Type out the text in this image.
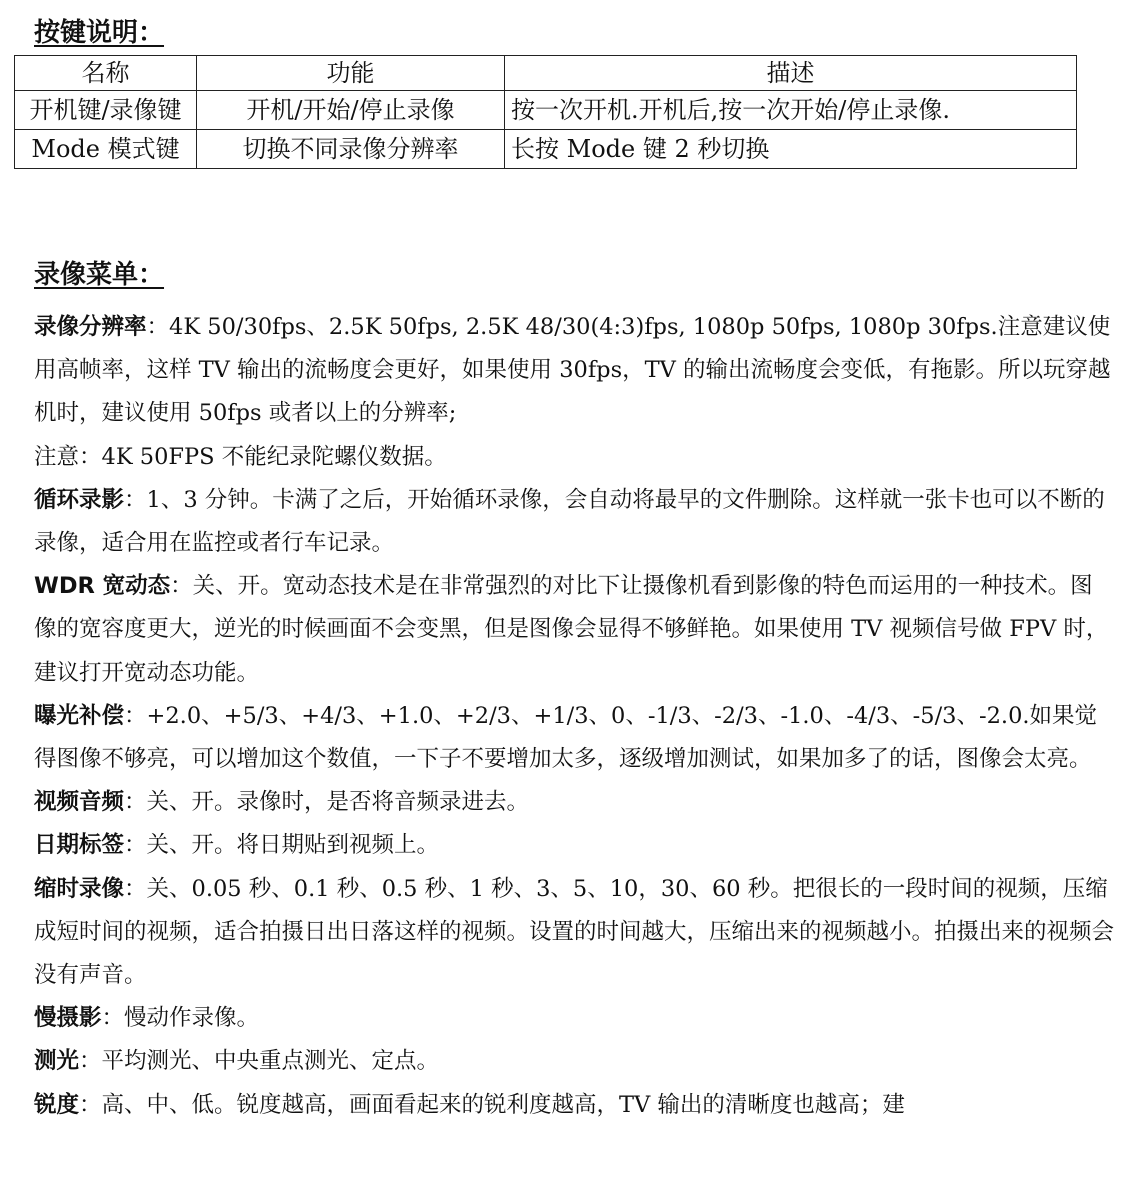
按键说明：
名称	功能	描述
开机键/录像键	开机/开始/停止录像	按一次开机.开机后,按一次开始/停止录像.
Mode 模式键	切换不同录像分辨率	长按 Mode 键 2 秒切换
录像菜单：

录像分辨率：4K 50/30fps、2.5K 50fps, 2.5K 48/30(4:3)fps, 1080p 50fps, 1080p 30fps.注意建议使用高帧率，这样 TV 输出的流畅度会更好，如果使用 30fps，TV 的输出流畅度会变低，有拖影。所以玩穿越机时，建议使用 50fps 或者以上的分辨率;

注意：4K 50FPS 不能纪录陀螺仪数据。

循环录影：1、3 分钟。卡满了之后，开始循环录像，会自动将最早的文件删除。这样就一张卡也可以不断的录像，适合用在监控或者行车记录。

WDR 宽动态：关、开。宽动态技术是在非常强烈的对比下让摄像机看到影像的特色而运用的一种技术。图像的宽容度更大，逆光的时候画面不会变黑，但是图像会显得不够鲜艳。如果使用 TV 视频信号做 FPV 时，建议打开宽动态功能。

曝光补偿：+2.0、+5/3、+4/3、+1.0、+2/3、+1/3、0、-1/3、-2/3、-1.0、-4/3、-5/3、-2.0.如果觉得图像不够亮，可以增加这个数值，一下子不要增加太多，逐级增加测试，如果加多了的话，图像会太亮。

视频音频：关、开。录像时，是否将音频录进去。

日期标签：关、开。将日期贴到视频上。

缩时录像：关、0.05 秒、0.1 秒、0.5 秒、1 秒、3、5、10，30、60 秒。把很长的一段时间的视频，压缩成短时间的视频，适合拍摄日出日落这样的视频。设置的时间越大，压缩出来的视频越小。拍摄出来的视频会没有声音。

慢摄影：慢动作录像。

测光：平均测光、中央重点测光、定点。

锐度：高、中、低。锐度越高，画面看起来的锐利度越高，TV 输出的清晰度也越高；建
